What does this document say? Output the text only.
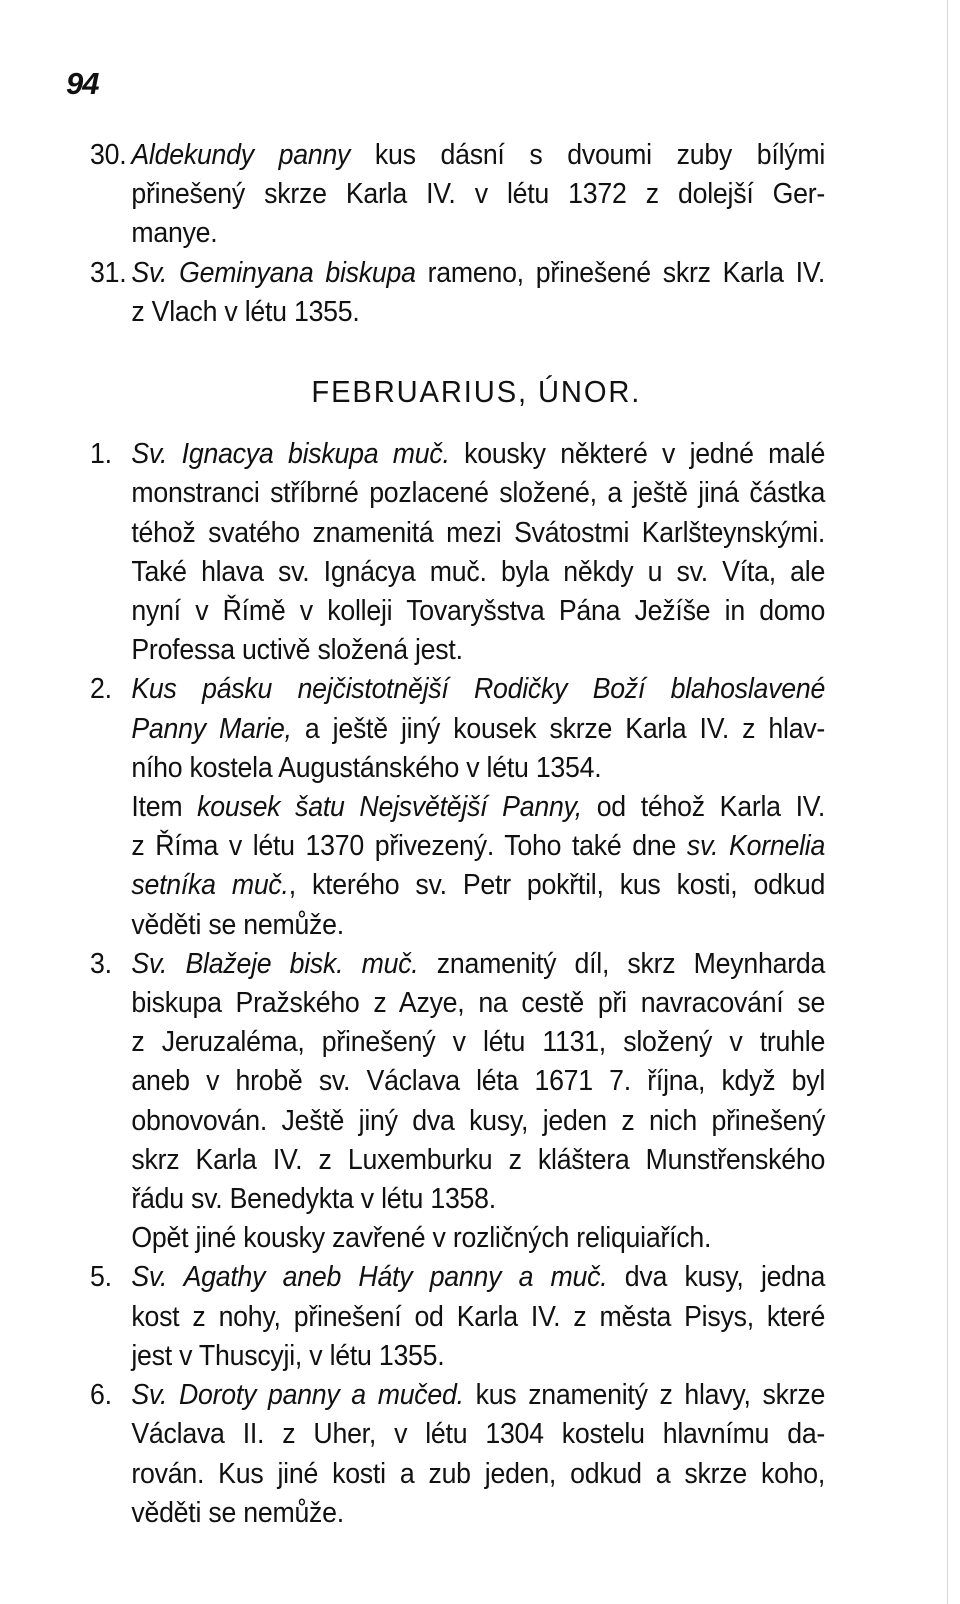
94
30. Aldekundy panny kus dásní s dvoumi zuby bílými
přinešený skrze Karla IV. v létu 1372 z dolejší Ger-
manye.
31. Sv. Geminyana biskupa rameno, přinešené skrz Karla IV.
z Vlach v létu 1355.
FEBRUARIUS, ÚNOR.
1. Sv. Ignacya biskupa muč. kousky některé v jedné malé
monstranci stříbrné pozlacené složené, a ještě jiná částka
téhož svatého znamenitá mezi Svátostmi Karlšteynskými.
Také hlava sv. Ignácya muč. byla někdy u sv. Víta, ale
nyní v Římě v kolleji Tovaryšstva Pána Ježíše in domo
Professa uctivě složená jest.
2. Kus pásku nejčistotnější Rodičky Boží blahoslavené
Panny Marie, a ještě jiný kousek skrze Karla IV. z hlav-
ního kostela Augustánského v létu 1354.
Item kousek šatu Nejsvětější Panny, od téhož Karla IV.
z Říma v létu 1370 přivezený. Toho také dne sv. Kornelia
setníka muč., kterého sv. Petr pokřtil, kus kosti, odkud
věděti se nemůže.
3. Sv. Blažeje bisk. muč. znamenitý díl, skrz Meynharda
biskupa Pražského z Azye, na cestě při navracování se
z Jeruzaléma, přinešený v létu 1131, složený v truhle
aneb v hrobě sv. Václava léta 1671 7. října, když byl
obnovován. Ještě jiný dva kusy, jeden z nich přinešený
skrz Karla IV. z Luxemburku z kláštera Munstřenského
řádu sv. Benedykta v létu 1358.
Opět jiné kousky zavřené v rozličných reliquiařích.
5. Sv. Agathy aneb Háty panny a muč. dva kusy, jedna
kost z nohy, přinešení od Karla IV. z města Pisys, které
jest v Thuscyji, v létu 1355.
6. Sv. Doroty panny a mučed. kus znamenitý z hlavy, skrze
Václava II. z Uher, v létu 1304 kostelu hlavnímu da-
rován. Kus jiné kosti a zub jeden, odkud a skrze koho,
věděti se nemůže.
